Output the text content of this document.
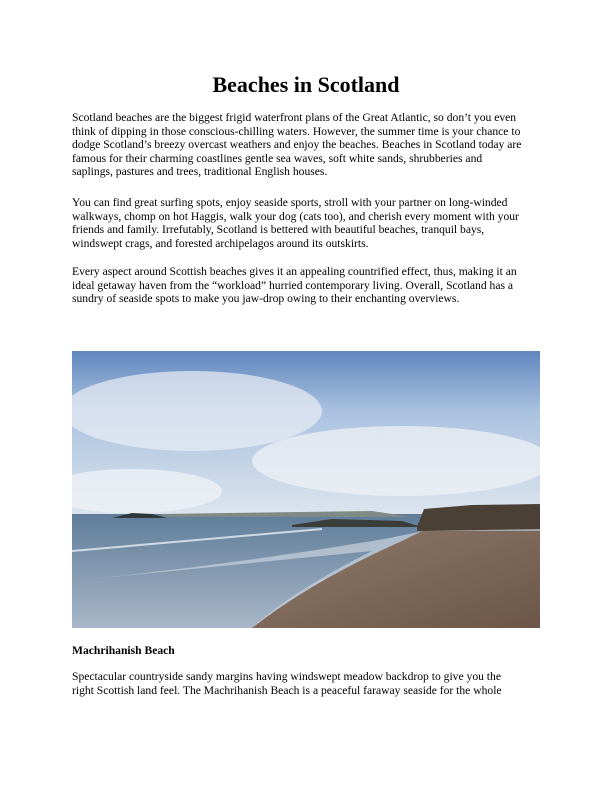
Beaches in Scotland
Scotland beaches are the biggest frigid waterfront plans of the Great Atlantic, so don’t you even
think of dipping in those conscious-chilling waters. However, the summer time is your chance to
dodge Scotland’s breezy overcast weathers and enjoy the beaches. Beaches in Scotland today are
famous for their charming coastlines gentle sea waves, soft white sands, shrubberies and
saplings, pastures and trees, traditional English houses.
You can find great surfing spots, enjoy seaside sports, stroll with your partner on long-winded
walkways, chomp on hot Haggis, walk your dog (cats too), and cherish every moment with your
friends and family. Irrefutably, Scotland is bettered with beautiful beaches, tranquil bays,
windswept crags, and forested archipelagos around its outskirts.
Every aspect around Scottish beaches gives it an appealing countrified effect, thus, making it an
ideal getaway haven from the “workload” hurried contemporary living. Overall, Scotland has a
sundry of seaside spots to make you jaw-drop owing to their enchanting overviews.
Machrihanish Beach
Spectacular countryside sandy margins having windswept meadow backdrop to give you the
right Scottish land feel. The Machrihanish Beach is a peaceful faraway seaside for the whole
